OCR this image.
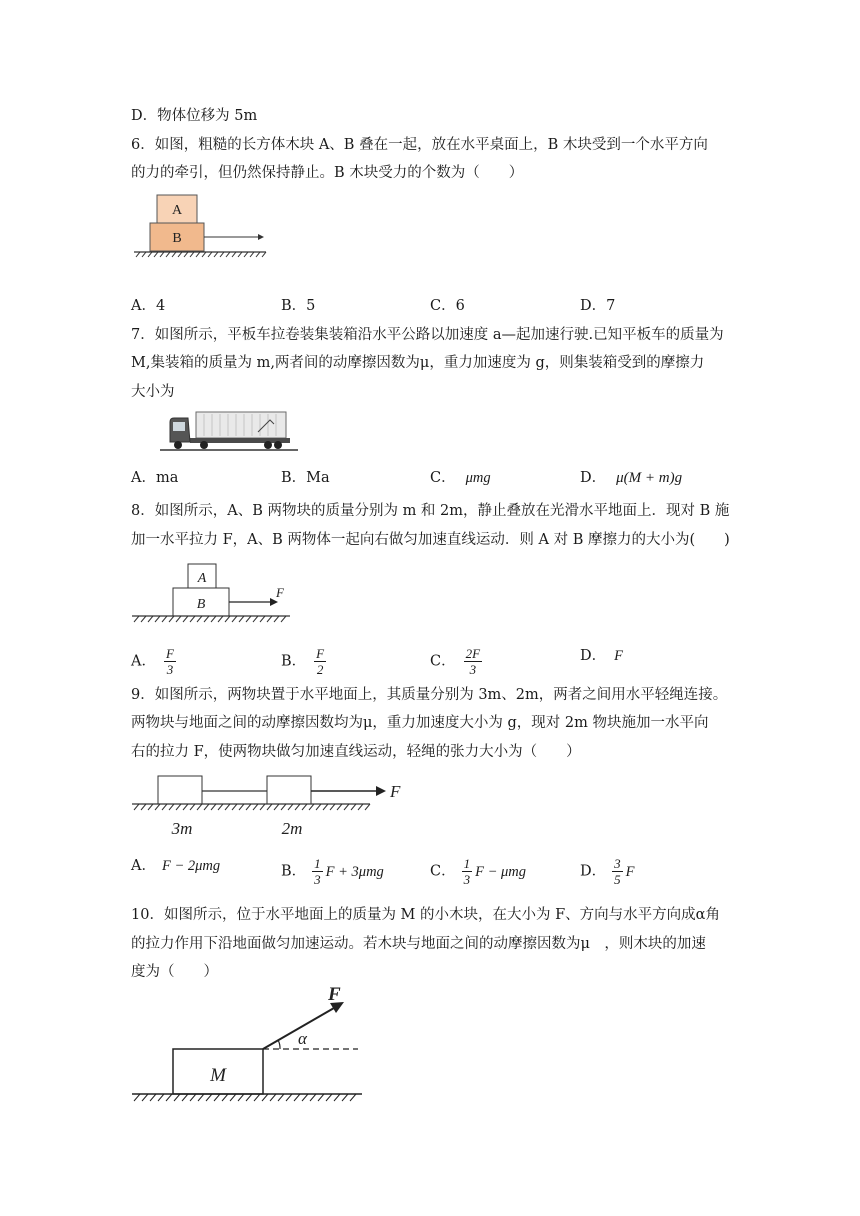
D．物体位移为 5m
6．如图，粗糙的长方体木块 A、B 叠在一起，放在水平桌面上，B 木块受到一个水平方向
的力的牵引，但仍然保持静止。B 木块受力的个数为（　　）
A
B
A．4	B．5	C．6	D．7
7．如图所示，平板车拉卷装集装箱沿水平公路以加速度 a—起加速行驶.已知平板车的质量为
M,集装箱的质量为 m,两者间的动摩擦因数为μ，重力加速度为 g，则集装箱受到的摩擦力
大小为
A．ma	B．Ma	C． μmg	D． μ(M + m)g
8．如图所示，A、B 两物块的质量分别为 m 和 2m，静止叠放在光滑水平地面上．现对 B 施
加一水平拉力 F，A、B 两物体一起向右做匀加速直线运动．则 A 对 B 摩擦力的大小为(　　)
A
B
F
A． $\frac{F}{3}$	B． $\frac{F}{2}$	C． $\frac{2F}{3}$	D． F
9．如图所示，两物块置于水平地面上，其质量分别为 3m、2m，两者之间用水平轻绳连接。
两物块与地面之间的动摩擦因数均为μ，重力加速度大小为 g，现对 2m 物块施加一水平向
右的拉力 F，使两物块做匀加速直线运动，轻绳的张力大小为（　　）
F
3m	2m
A． F − 2μmg	B． $\frac{1}{3}$ F + 3μmg	C． $\frac{1}{3}$ F − μmg	D． $\frac{3}{5}$ F
10．如图所示，位于水平地面上的质量为 M 的小木块，在大小为 F、方向与水平方向成α角
的拉力作用下沿地面做匀加速运动。若木块与地面之间的动摩擦因数为μ　，则木块的加速
度为（　　）
M
F
α
